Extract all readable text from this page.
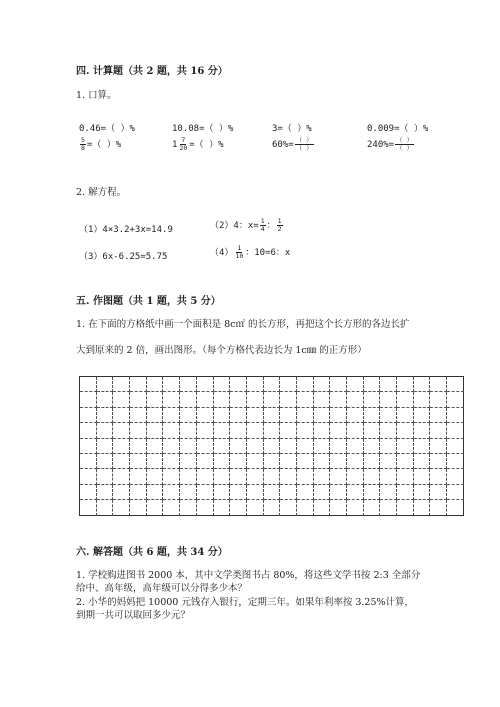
四. 计算题（共 2 题，共 16 分）
1. 口算。
0.46=（ ）%	10.08=（ ）%	3=（ ）%	0.009=（ ）%
$\frac{5}{8}$ =（ ）%	$1 \frac{7}{20}$ =（ ）%	$60\%= \frac{( )}{( )}$	$240\%= \frac{( )}{( )}$
2. 解方程。
（1）4×3.2+3x=14.9	（2）4：$x= \frac{1}{4}$ ： $\frac{1}{2}$
（3）6x-6.25=5.75	$(4) \frac{1}{10}$ ：10=6：x
五. 作图题（共 1 题，共 5 分）
1. 在下面的方格纸中画一个面积是 8c㎡ 的长方形，再把这个长方形的各边长扩
大到原来的 2 倍，画出图形。（每个方格代表边长为 1c㎜ 的正方形）
六. 解答题（共 6 题，共 34 分）
1. 学校购进图书 2000 本，其中文学类图书占 80%，将这些文学书按 2:3 全部分
给中、高年级，高年级可以分得多少本？
2. 小华的妈妈把 10000 元钱存入银行，定期三年。如果年利率按 3.25%计算，
到期一共可以取回多少元？
